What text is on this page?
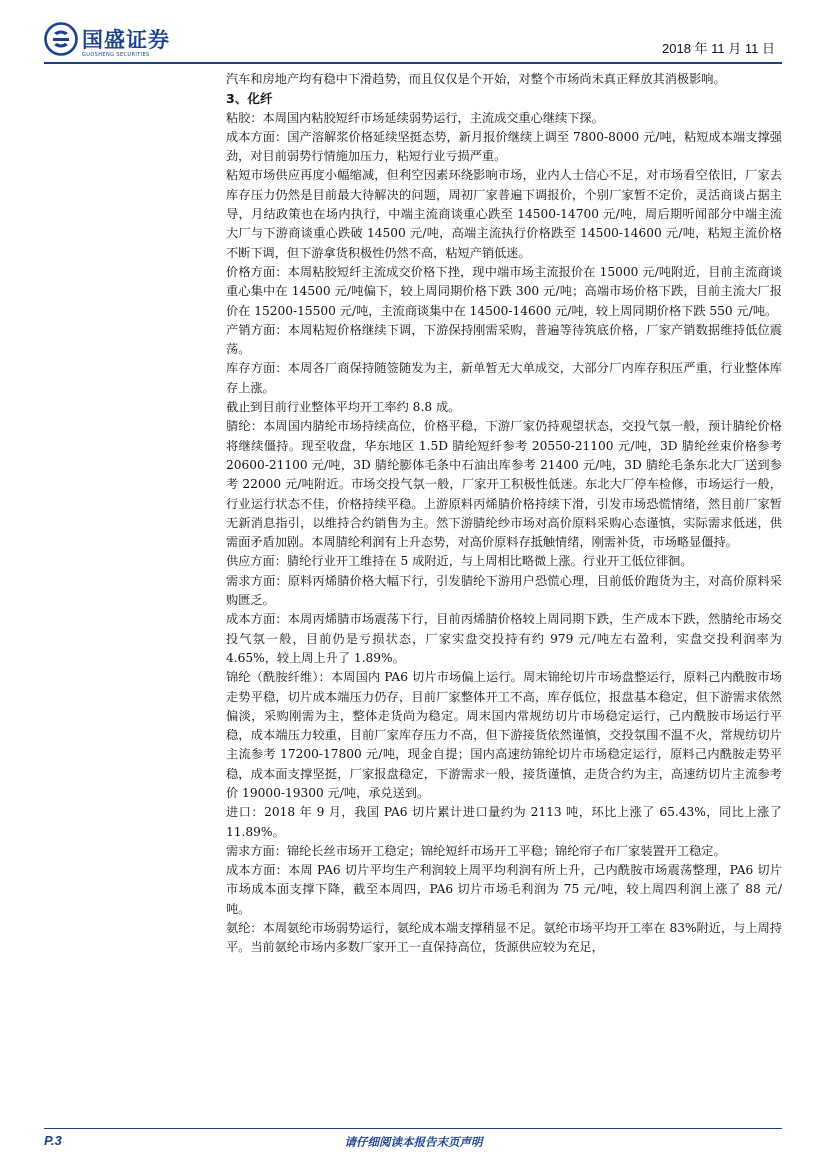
国盛证券
GUOSHENG SECURITIES	2018 年 11 月 11 日

汽车和房地产均有稳中下滑趋势，而且仅仅是个开始，对整个市场尚未真正释放其消极影响。

3、化纤

粘胶：本周国内粘胶短纤市场延续弱势运行，主流成交重心继续下探。

成本方面：国产溶解浆价格延续坚挺态势，新月报价继续上调至 7800-8000 元/吨，粘短成本端支撑强劲，对目前弱势行情施加压力，粘短行业亏损严重。

粘短市场供应再度小幅缩减，但利空因素环绕影响市场，业内人士信心不足，对市场看空依旧，厂家去库存压力仍然是目前最大待解决的问题，周初厂家普遍下调报价，个别厂家暂不定价，灵活商谈占据主导，月结政策也在场内执行，中端主流商谈重心跌至 14500-14700 元/吨，周后期听闻部分中端主流大厂与下游商谈重心跌破 14500 元/吨，高端主流执行价格跌至 14500-14600 元/吨，粘短主流价格不断下调，但下游拿货积极性仍然不高，粘短产销低迷。

价格方面：本周粘胶短纤主流成交价格下挫，现中端市场主流报价在 15000 元/吨附近，目前主流商谈重心集中在 14500 元/吨偏下，较上周同期价格下跌 300 元/吨；高端市场价格下跌，目前主流大厂报价在 15200-15500 元/吨，主流商谈集中在 14500-14600 元/吨，较上周同期价格下跌 550 元/吨。

产销方面：本周粘短价格继续下调，下游保持刚需采购，普遍等待筑底价格，厂家产销数据维持低位震荡。

库存方面：本周各厂商保持随签随发为主，新单暂无大单成交，大部分厂内库存积压严重，行业整体库存上涨。

截止到目前行业整体平均开工率约 8.8 成。

腈纶：本周国内腈纶市场持续高位，价格平稳，下游厂家仍持观望状态，交投气氛一般，预计腈纶价格将继续僵持。现至收盘，华东地区 1.5D 腈纶短纤参考 20550-21100 元/吨，3D 腈纶丝束价格参考 20600-21100 元/吨，3D 腈纶膨体毛条中石油出库参考 21400 元/吨，3D 腈纶毛条东北大厂送到参考 22000 元/吨附近。市场交投气氛一般，厂家开工积极性低迷。东北大厂停车检修，市场运行一般，行业运行状态不佳，价格持续平稳。上游原料丙烯腈价格持续下滑，引发市场恐慌情绪，然目前厂家暂无新消息指引，以维持合约销售为主。然下游腈纶纱市场对高价原料采购心态谨慎，实际需求低迷，供需面矛盾加剧。本周腈纶利润有上升态势，对高价原料存抵触情绪，刚需补货，市场略显僵持。

供应方面：腈纶行业开工维持在 5 成附近，与上周相比略微上涨。行业开工低位徘徊。

需求方面：原料丙烯腈价格大幅下行，引发腈纶下游用户恐慌心理，目前低价跑货为主，对高价原料采购匮乏。

成本方面：本周丙烯腈市场震荡下行，目前丙烯腈价格较上周同期下跌，生产成本下跌，然腈纶市场交投气氛一般，目前仍是亏损状态，厂家实盘交投持有约 979 元/吨左右盈利，实盘交投利润率为 4.65%，较上周上升了 1.89%。

锦纶（酰胺纤维）：本周国内 PA6 切片市场偏上运行。周末锦纶切片市场盘整运行，原料己内酰胺市场走势平稳，切片成本端压力仍存，目前厂家整体开工不高，库存低位，报盘基本稳定，但下游需求依然偏淡，采购刚需为主，整体走货尚为稳定。周末国内常规纺切片市场稳定运行，己内酰胺市场运行平稳，成本端压力较重，目前厂家库存压力不高，但下游接货依然谨慎，交投氛围不温不火，常规纺切片主流参考 17200-17800 元/吨，现金自提；国内高速纺锦纶切片市场稳定运行，原料己内酰胺走势平稳，成本面支撑坚挺，厂家报盘稳定，下游需求一般，接货谨慎，走货合约为主，高速纺切片主流参考价 19000-19300 元/吨，承兑送到。

进口：2018 年 9 月，我国 PA6 切片累计进口量约为 2113 吨，环比上涨了 65.43%，同比上涨了 11.89%。

需求方面：锦纶长丝市场开工稳定；锦纶短纤市场开工平稳；锦纶帘子布厂家装置开工稳定。

成本方面：本周 PA6 切片平均生产利润较上周平均利润有所上升，己内酰胺市场震荡整理，PA6 切片市场成本面支撑下降，截至本周四，PA6 切片市场毛利润为 75 元/吨，较上周四利润上涨了 88 元/吨。

氨纶：本周氨纶市场弱势运行，氨纶成本端支撑稍显不足。氨纶市场平均开工率在 83%附近，与上周持平。当前氨纶市场内多数厂家开工一直保持高位，货源供应较为充足，

P.3	请仔细阅读本报告末页声明
